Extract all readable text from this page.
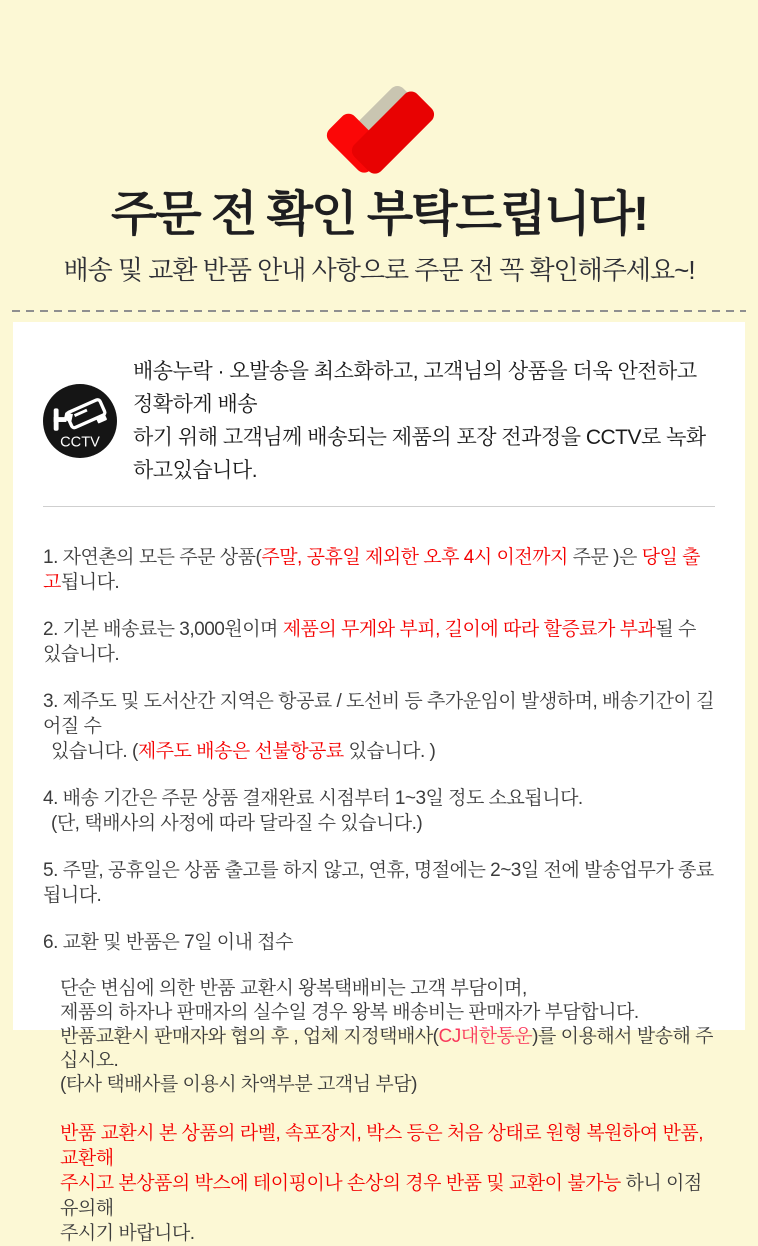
주문 전 확인 부탁드립니다!

배송 및 교환 반품 안내 사항으로 주문 전 꼭 확인해주세요~!

CCTV

배송누락 · 오발송을 최소화하고, 고객님의 상품을 더욱 안전하고 정확하게 배송
하기 위해 고객님께 배송되는 제품의 포장 전과정을 CCTV로 녹화하고있습니다.

1. 자연촌의 모든 주문 상품(주말, 공휴일 제외한 오후 4시 이전까지 주문 )은 당일 출고됩니다.

2. 기본 배송료는 3,000원이며 제품의 무게와 부피, 길이에 따라 할증료가 부과될 수 있습니다.

3. 제주도 및 도서산간 지역은 항공료 / 도선비 등 추가운임이 발생하며, 배송기간이 길어질 수
있습니다. (제주도 배송은 선불항공료 있습니다. )

4. 배송 기간은 주문 상품 결재완료 시점부터 1~3일 정도 소요됩니다.
(단, 택배사의 사정에 따라 달라질 수 있습니다.)

5. 주말, 공휴일은 상품 출고를 하지 않고, 연휴, 명절에는 2~3일 전에 발송업무가 종료됩니다.

6. 교환 및 반품은 7일 이내 접수

단순 변심에 의한 반품 교환시 왕복택배비는 고객 부담이며,
제품의 하자나 판매자의 실수일 경우 왕복 배송비는 판매자가 부담합니다.
반품교환시 판매자와 협의 후 , 업체 지정택배사(CJ대한통운)를 이용해서 발송해 주십시오.
(타사 택배사를 이용시 차액부분 고객님 부담)

반품 교환시 본 상품의 라벨, 속포장지, 박스 등은 처음 상태로 원형 복원하여 반품, 교환해
주시고 본상품의 박스에 테이핑이나 손상의 경우 반품 및 교환이 불가능 하니 이점 유의해
주시기 바랍니다.
